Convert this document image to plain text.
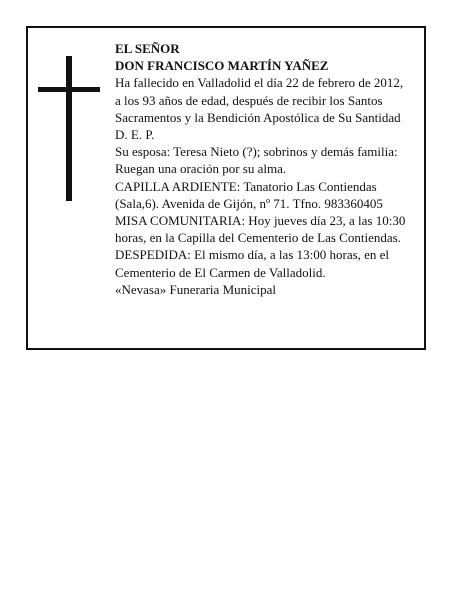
EL SEÑOR
DON FRANCISCO MARTÍN YAÑEZ
Ha fallecido en Valladolid el día 22 de febrero de 2012,
a los 93 años de edad, después de recibir los Santos
Sacramentos y la Bendición Apostólica de Su Santidad
D. E. P.
Su esposa: Teresa Nieto (?); sobrinos y demás familia:
Ruegan una oración por su alma.
CAPILLA ARDIENTE: Tanatorio Las Contiendas
(Sala,6). Avenida de Gijón, nº 71. Tfno. 983360405
MISA COMUNITARIA: Hoy jueves día 23, a las 10:30
horas, en la Capilla del Cementerio de Las Contiendas.
DESPEDIDA: El mismo día, a las 13:00 horas, en el
Cementerio de El Carmen de Valladolid.
«Nevasa» Funeraria Municipal
